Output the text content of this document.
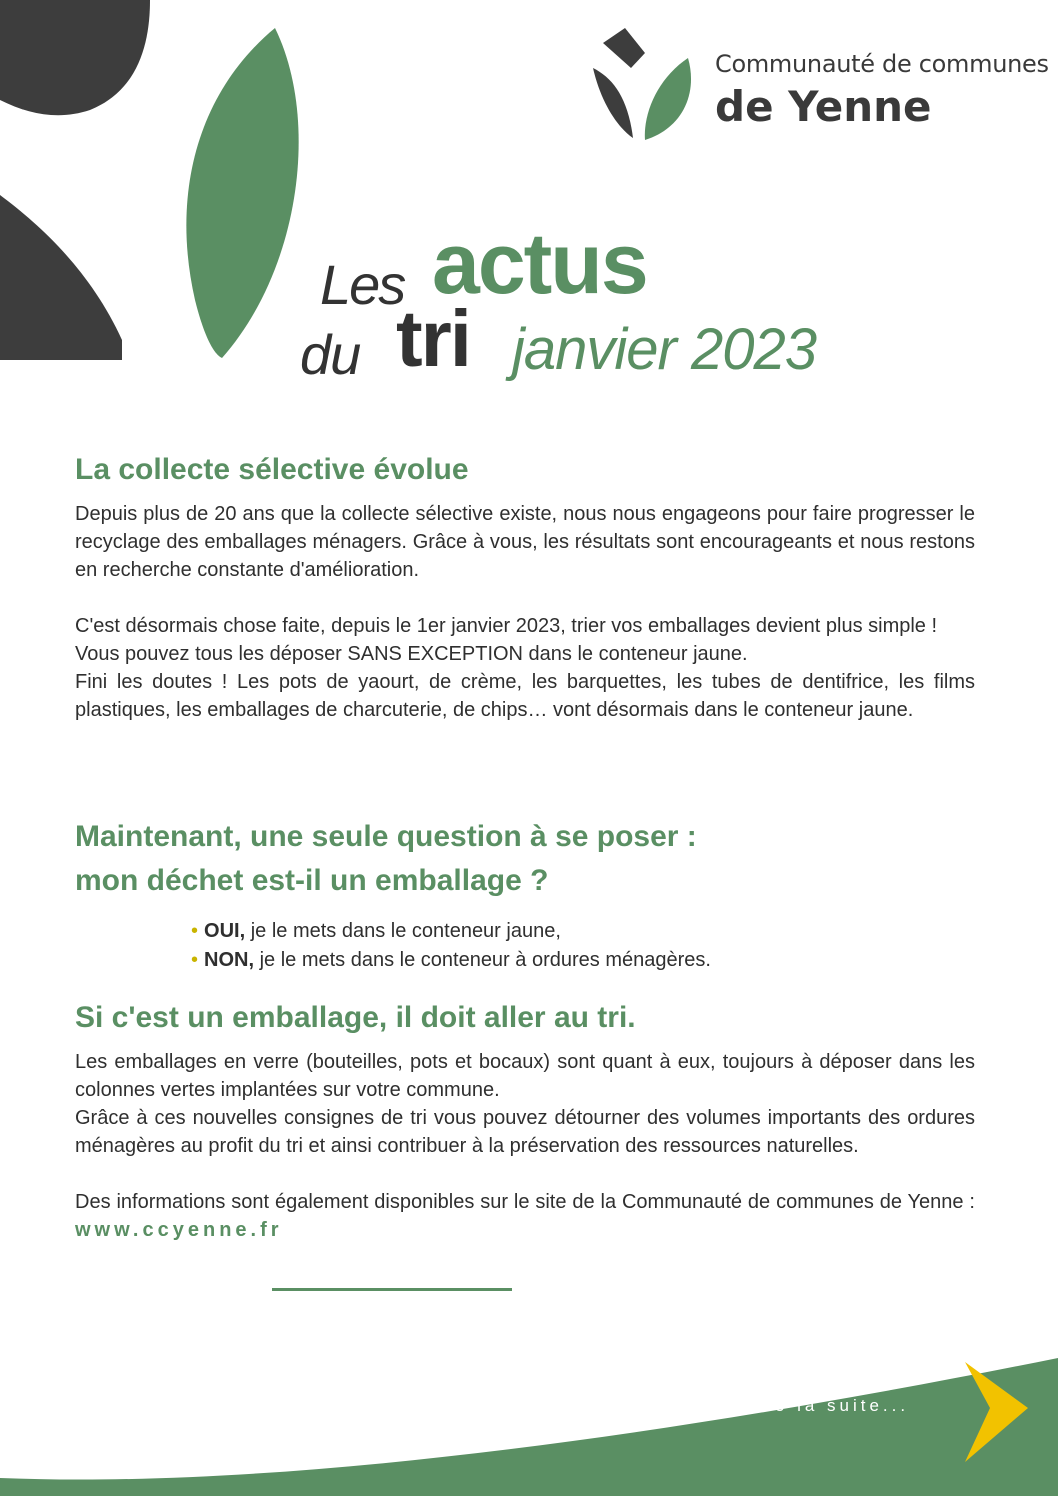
Communauté de communes
de Yenne
Les actus
du tri janvier 2023
La collecte sélective évolue

Depuis plus de 20 ans que la collecte sélective existe, nous nous engageons pour faire progresser le recyclage des emballages ménagers. Grâce à vous, les résultats sont encourageants et nous restons en recherche constante d'amélioration.

C'est désormais chose faite, depuis le 1er janvier 2023, trier vos emballages devient plus simple !

Vous pouvez tous les déposer SANS EXCEPTION dans le conteneur jaune.

Fini les doutes ! Les pots de yaourt, de crème, les barquettes, les tubes de dentifrice, les films plastiques, les emballages de charcuterie, de chips… vont désormais dans le conteneur jaune.

Maintenant, une seule question à se poser :
mon déchet est-il un emballage ?
• OUI, je le mets dans le conteneur jaune,
• NON, je le mets dans le conteneur à ordures ménagères.
Si c'est un emballage, il doit aller au tri.

Les emballages en verre (bouteilles, pots et bocaux) sont quant à eux, toujours à déposer dans les colonnes vertes implantées sur votre commune.

Grâce à ces nouvelles consignes de tri vous pouvez détourner des volumes importants des ordures ménagères au profit du tri et ainsi contribuer à la préservation des ressources naturelles.

Des informations sont également disponibles sur le site de la Communauté de communes de Yenne : www.ccyenne.fr

Lire la suite...
